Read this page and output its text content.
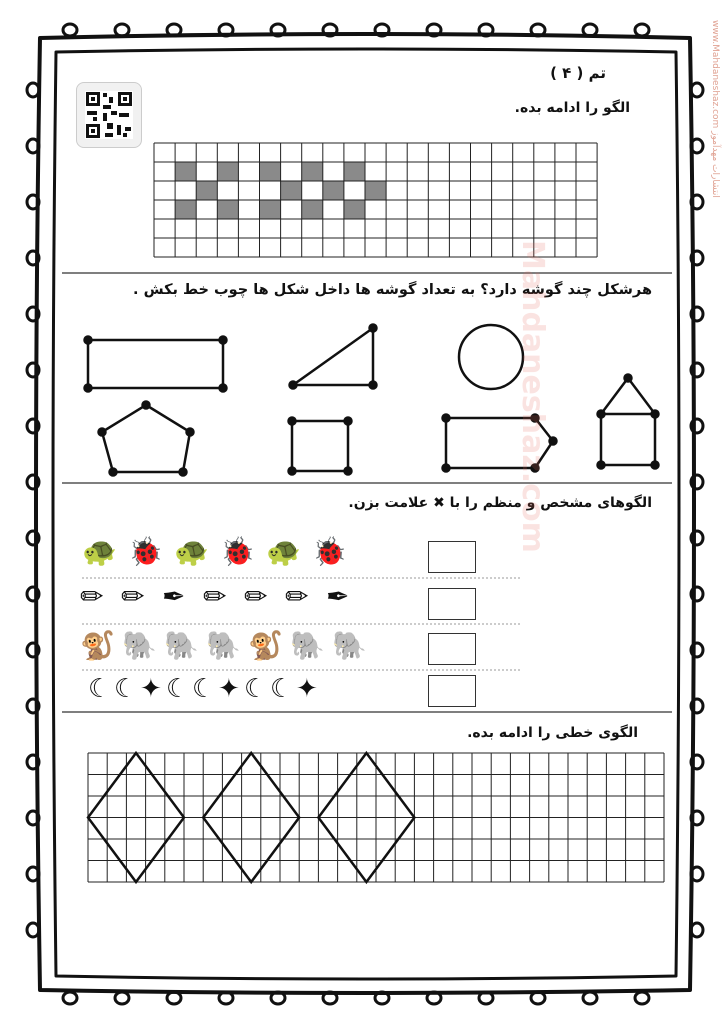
تم ( ۴ )
الگو را ادامه بده.
هرشکل چند گوشه دارد؟ به تعداد گوشه ها داخل شکل ها چوب خط بکش .
الگوهای مشخص و منظم را با ✖ علامت بزن.
الگوی خطی را ادامه بده.
🐢 🐞 🐢 🐞 🐢 🐞
✏ ✏ ✒ ✏ ✏ ✏ ✒
🐒 🐘 🐘 🐘 🐒 🐘 🐘
☾ ☾ ✦ ☾ ☾ ✦ ☾ ☾ ✦
Mahdaneshaz.com
www.Mahdaneshaz.com انتشارات مهدآموز
